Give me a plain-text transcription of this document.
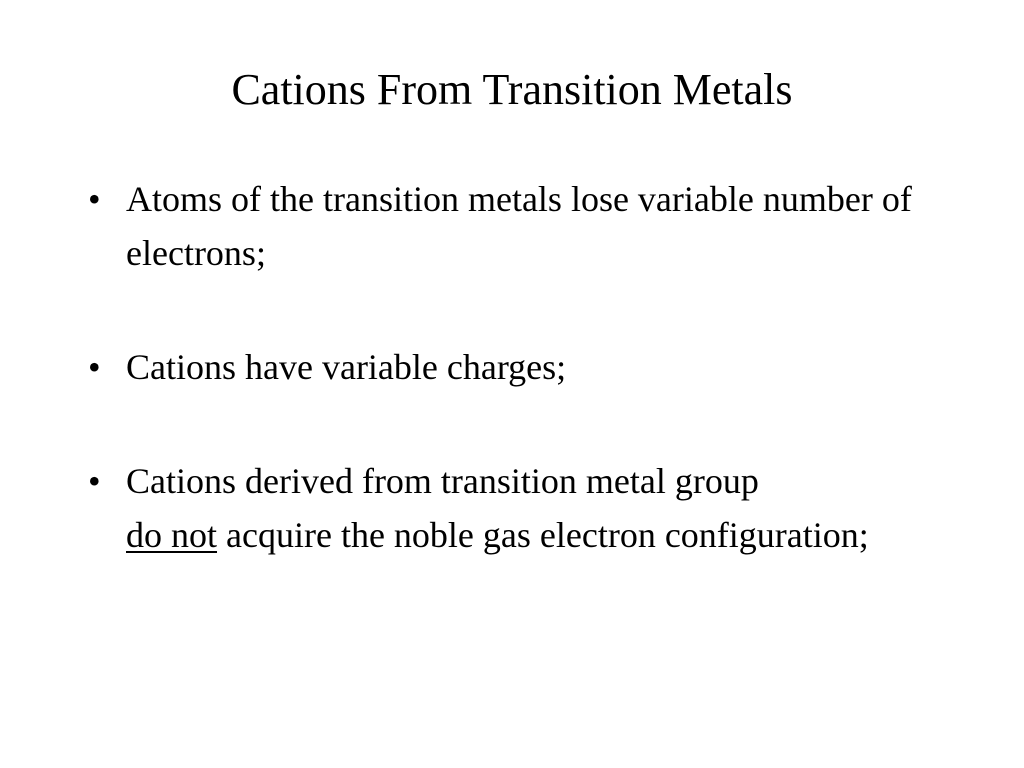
Cations From Transition Metals
• Atoms of the transition metals lose variable number of electrons;
• Cations have variable charges;
• Cations derived from transition metal group
do not acquire the noble gas electron configuration;
